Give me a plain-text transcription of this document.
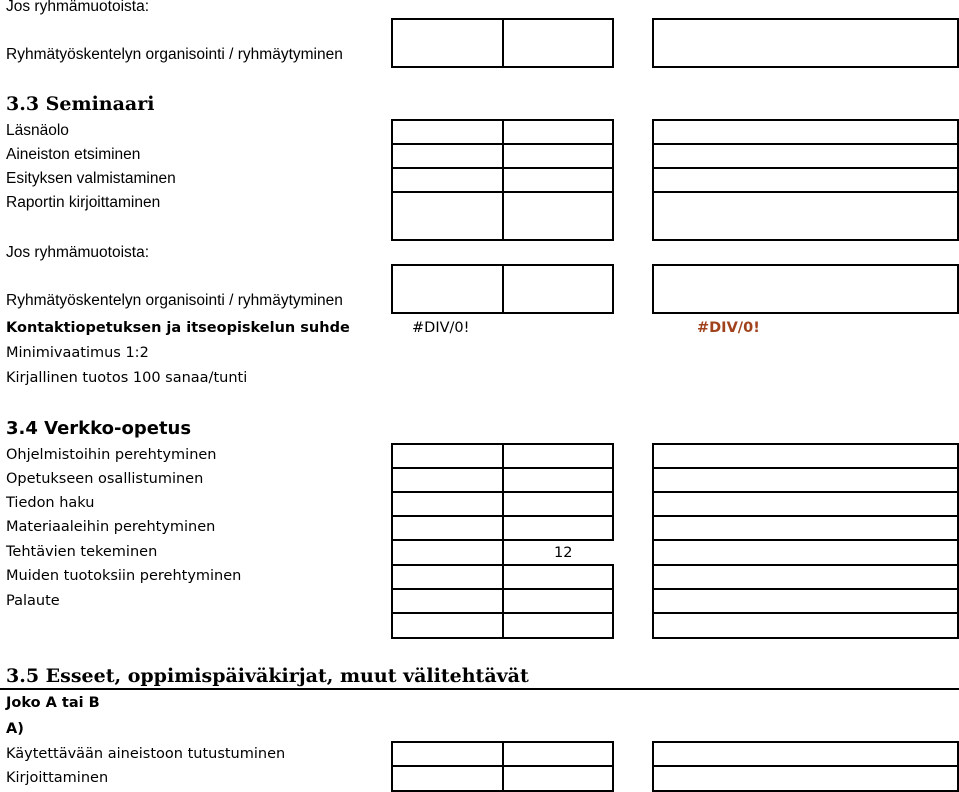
Jos ryhmämuotoista:
Ryhmätyöskentelyn organisointi / ryhmäytyminen
3.3 Seminaari
Läsnäolo
Aineiston etsiminen
Esityksen valmistaminen
Raportin kirjoittaminen
Jos ryhmämuotoista:
Ryhmätyöskentelyn organisointi / ryhmäytyminen
Kontaktiopetuksen ja itseopiskelun suhde	#DIV/0!	#DIV/0!
Minimivaatimus 1:2
Kirjallinen tuotos 100 sanaa/tunti
3.4 Verkko-opetus
Ohjelmistoihin perehtyminen
Opetukseen osallistuminen
Tiedon haku
Materiaaleihin perehtyminen
Tehtävien tekeminen
Muiden tuotoksiin perehtyminen
Palaute
12
3.5 Esseet, oppimispäiväkirjat, muut välitehtävät
Joko A tai B
A)
Käytettävään aineistoon tutustuminen
Kirjoittaminen
